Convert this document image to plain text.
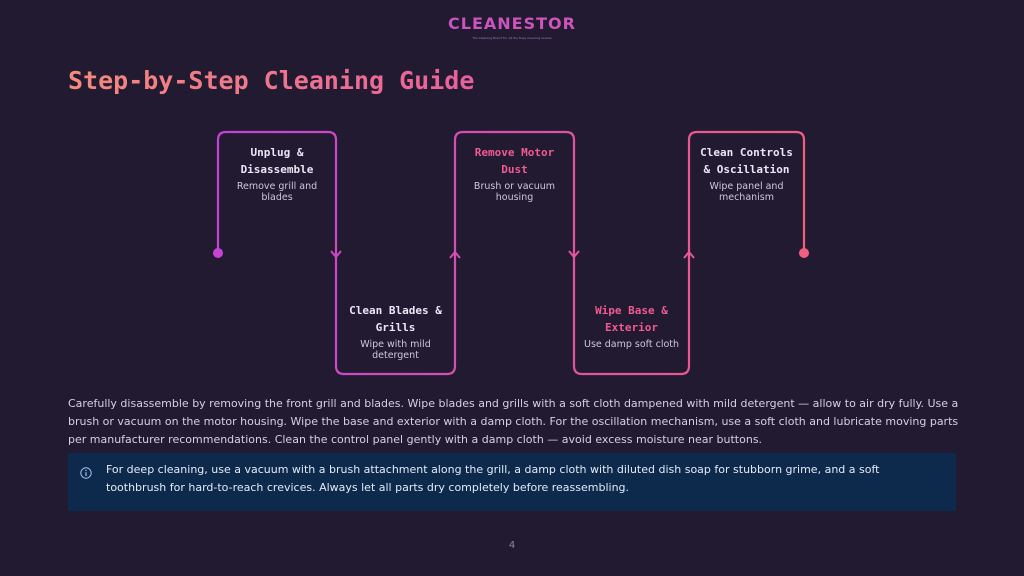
CLEANESTOR
The Cleaning Brand For All the Easy Cleaning Guides
Step-by-Step Cleaning Guide
Unplug & Disassemble
Remove grill and blades
Clean Blades & Grills
Wipe with mild detergent
Remove Motor Dust
Brush or vacuum housing
Wipe Base & Exterior
Use damp soft cloth
Clean Controls & Oscillation
Wipe panel and mechanism
Carefully disassemble by removing the front grill and blades. Wipe blades and grills with a soft cloth dampened with mild detergent — allow to air dry fully. Use a brush or vacuum on the motor housing. Wipe the base and exterior with a damp cloth. For the oscillation mechanism, use a soft cloth and lubricate moving parts per manufacturer recommendations. Clean the control panel gently with a damp cloth — avoid excess moisture near buttons.
For deep cleaning, use a vacuum with a brush attachment along the grill, a damp cloth with diluted dish soap for stubborn grime, and a soft toothbrush for hard-to-reach crevices. Always let all parts dry completely before reassembling.
4
